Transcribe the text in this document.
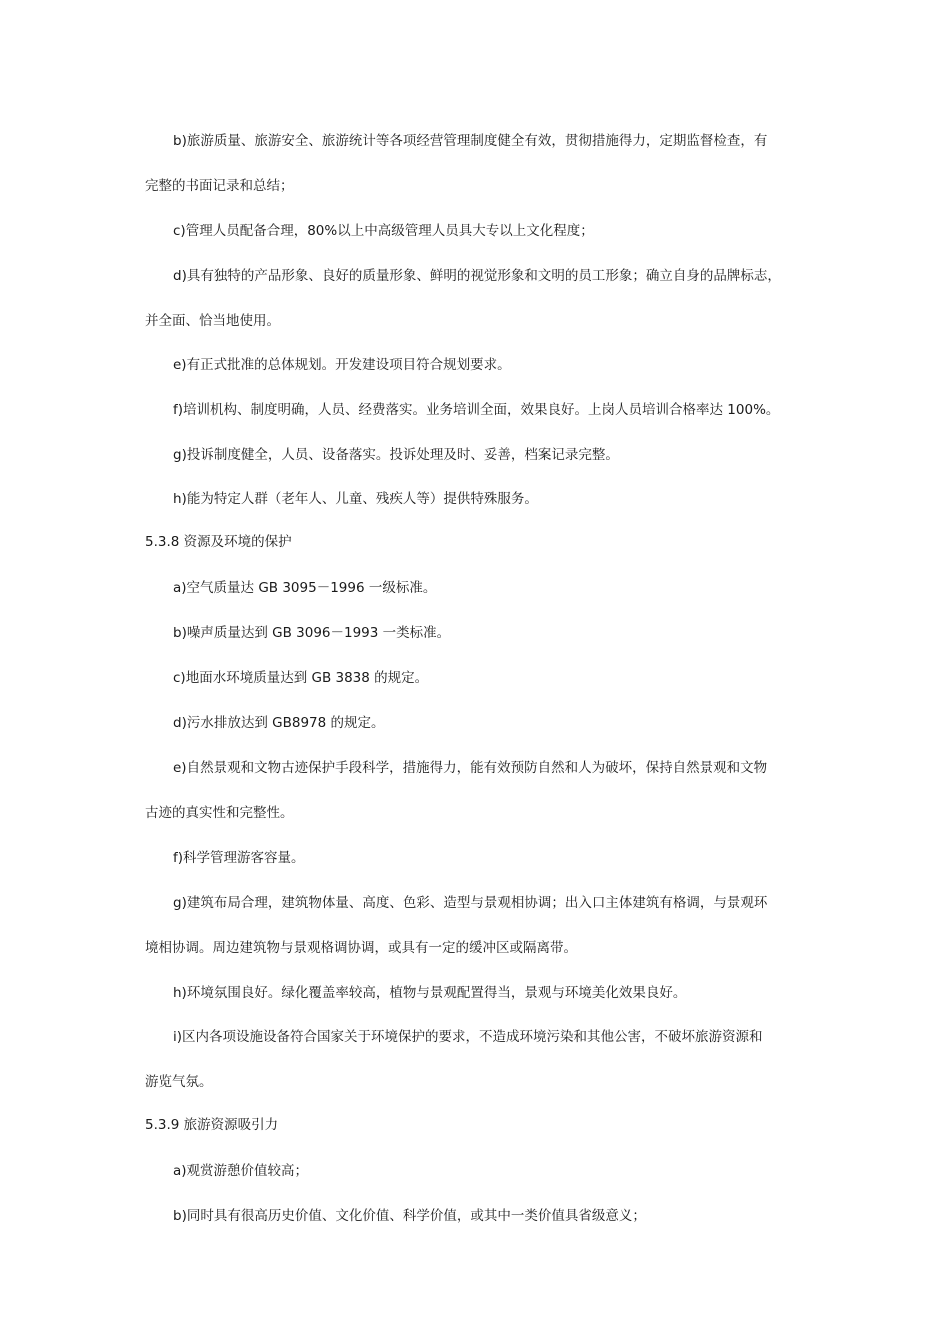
b)旅游质量、旅游安全、旅游统计等各项经营管理制度健全有效，贯彻措施得力，定期监督检查，有
完整的书面记录和总结；
c)管理人员配备合理，80%以上中高级管理人员具大专以上文化程度；
d)具有独特的产品形象、良好的质量形象、鲜明的视觉形象和文明的员工形象；确立自身的品牌标志，
并全面、恰当地使用。
e)有正式批准的总体规划。开发建设项目符合规划要求。
f)培训机构、制度明确，人员、经费落实。业务培训全面，效果良好。上岗人员培训合格率达 100%。
g)投诉制度健全，人员、设备落实。投诉处理及时、妥善，档案记录完整。
h)能为特定人群（老年人、儿童、残疾人等）提供特殊服务。
5.3.8 资源及环境的保护
a)空气质量达 GB 3095－1996 一级标准。
b)噪声质量达到 GB 3096－1993 一类标准。
c)地面水环境质量达到 GB 3838 的规定。
d)污水排放达到 GB8978 的规定。
e)自然景观和文物古迹保护手段科学，措施得力，能有效预防自然和人为破坏，保持自然景观和文物
古迹的真实性和完整性。
f)科学管理游客容量。
g)建筑布局合理，建筑物体量、高度、色彩、造型与景观相协调；出入口主体建筑有格调，与景观环
境相协调。周边建筑物与景观格调协调，或具有一定的缓冲区或隔离带。
h)环境氛围良好。绿化覆盖率较高，植物与景观配置得当，景观与环境美化效果良好。
i)区内各项设施设备符合国家关于环境保护的要求，不造成环境污染和其他公害，不破坏旅游资源和
游览气氛。
5.3.9 旅游资源吸引力
a)观赏游憩价值较高；
b)同时具有很高历史价值、文化价值、科学价值，或其中一类价值具省级意义；
